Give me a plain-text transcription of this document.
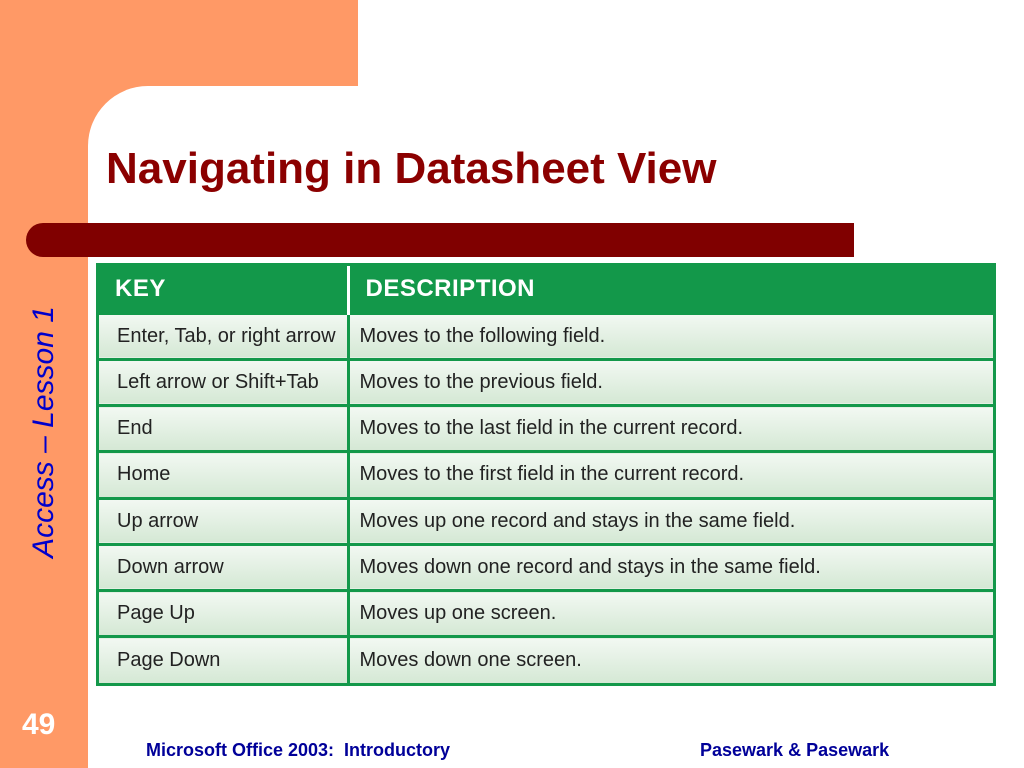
Access – Lesson 1
49
Navigating in Datasheet View
KEY	DESCRIPTION
Enter, Tab, or right arrow	Moves to the following field.
Left arrow or Shift+Tab	Moves to the previous field.
End	Moves to the last field in the current record.
Home	Moves to the first field in the current record.
Up arrow	Moves up one record and stays in the same field.
Down arrow	Moves down one record and stays in the same field.
Page Up	Moves up one screen.
Page Down	Moves down one screen.
Microsoft Office 2003:  Introductory	Pasewark & Pasewark
